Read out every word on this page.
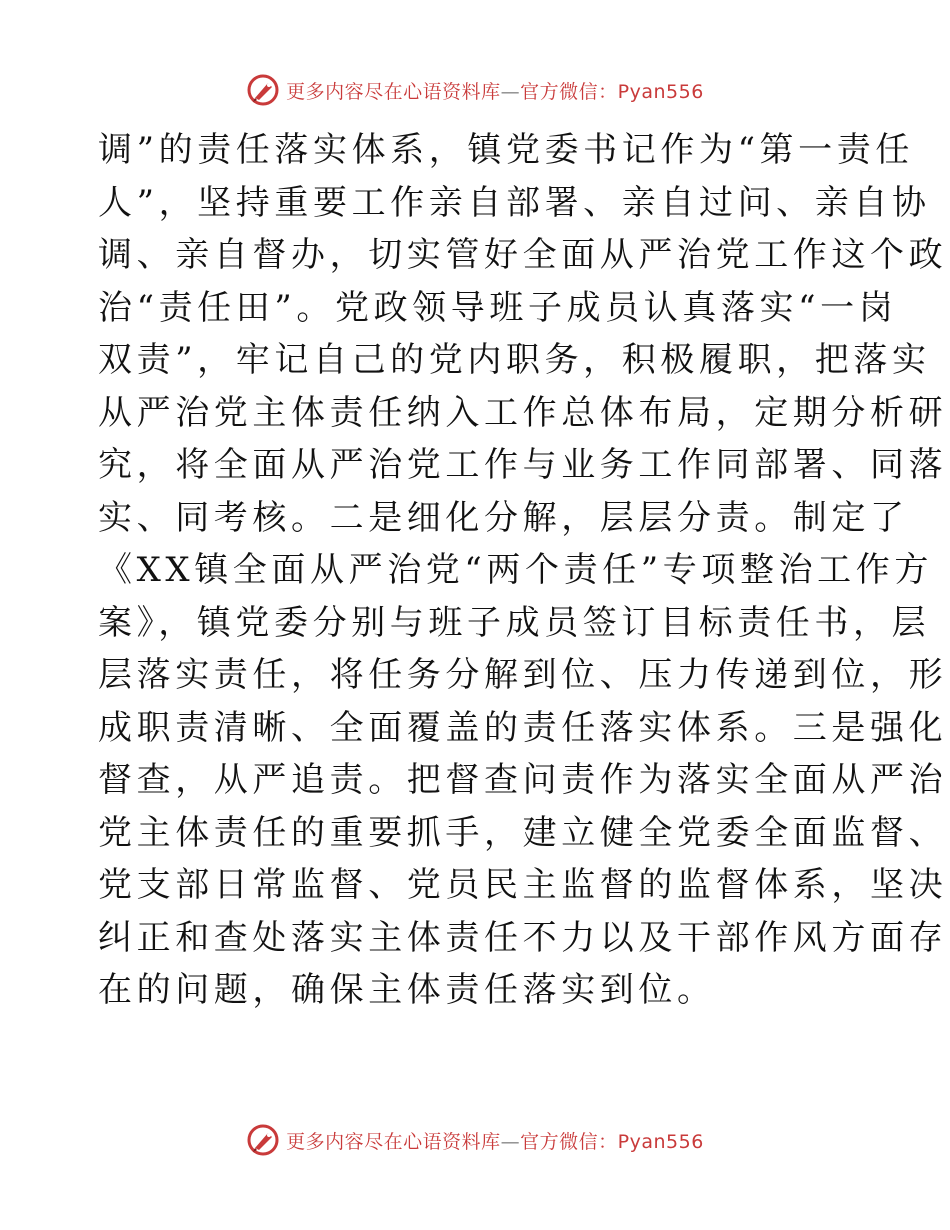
更多内容尽在心语资料库—官方微信：Pyan556
调”的责任落实体系，镇党委书记作为“第一责任
人”，坚持重要工作亲自部署、亲自过问、亲自协
调、亲自督办，切实管好全面从严治党工作这个政
治“责任田”。党政领导班子成员认真落实“一岗
双责”，牢记自己的党内职务，积极履职，把落实
从严治党主体责任纳入工作总体布局，定期分析研
究，将全面从严治党工作与业务工作同部署、同落
实、同考核。二是细化分解，层层分责。制定了
《XX镇全面从严治党“两个责任”专项整治工作方
案》，镇党委分别与班子成员签订目标责任书，层
层落实责任，将任务分解到位、压力传递到位，形
成职责清晰、全面覆盖的责任落实体系。三是强化
督查，从严追责。把督查问责作为落实全面从严治
党主体责任的重要抓手，建立健全党委全面监督、
党支部日常监督、党员民主监督的监督体系，坚决
纠正和查处落实主体责任不力以及干部作风方面存
在的问题，确保主体责任落实到位。
更多内容尽在心语资料库—官方微信：Pyan556
